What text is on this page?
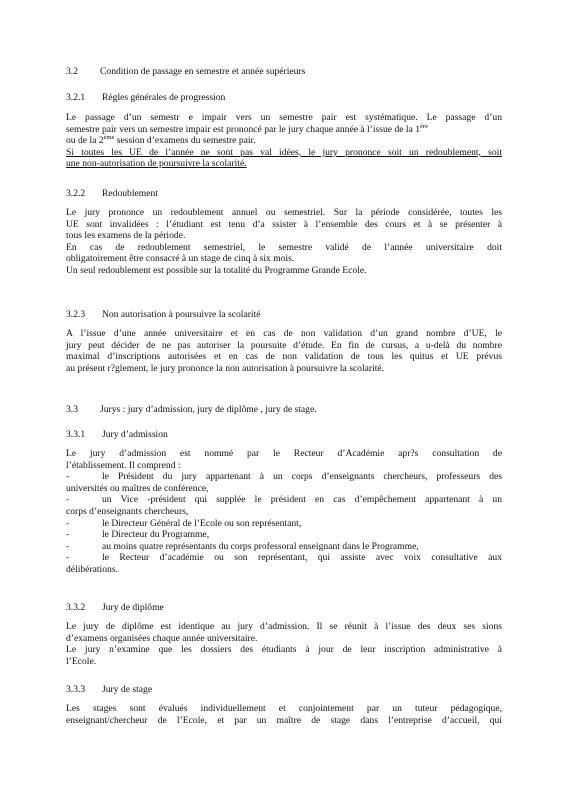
3.2 Condition de passage en semestre et année supérieurs
3.2.1 Règles générales de progression
Le passage d’un semestr e impair vers un semestre pair est systématique. Le passage d’un
semestre pair vers un semestre impair est prononcé par le jury chaque année à l’issue de la 1ère
ou de la 2ème session d’examens du semestre pair.
Si toutes les UE de l’année ne sont pas val idées, le jury prononce soit un redoublement, soit
une non-autorisation de poursuivre la scolarité.
3.2.2 Redoublement
Le jury prononce un redoublement annuel ou semestriel. Sur la période considérée, toutes les
UE sont invalidées : l’étudiant est tenu d’a ssister à l’ensemble des cours et à se présenter à
tous les examens de la période.
En cas de redoublement semestriel, le semestre validé de l’année universitaire doit
obligatoirement être consacré à un stage de cinq à six mois.
Un seul redoublement est possible sur la totalité du Programme Grande Ecole.
3.2.3 Non autorisation à poursuivre la scolarité
A l’issue d’une année universitaire et en cas de non validation d’un grand nombre d’UE, le
jury peut décider de ne pas autoriser la poursuite d’étude. En fin de cursus, a u-delà du nombre
maximal d’inscriptions autorisées et en cas de non validation de tous les quitus et UE prévus
au présent r?glement, le jury prononce la non autorisation à poursuivre la scolarité.
3.3 Jurys : jury d’admission, jury de diplôme , jury de stage.
3.3.1 Jury d’admission
Le jury d’admission est nommé par le Recteur d’Académie apr?s consultation de
l’établissement. Il comprend :
-	le Président du jury appartenant à un corps d’enseignants chercheurs, professeurs des
universités ou maîtres de conférence,
-	un Vice -président qui supplée le président en cas d’empêchement appartenant à un
corps d’enseignants chercheurs,
-	le Directeur Général de l’Ecole ou son représentant,
-	le Directeur du Programme,
-	au moins quatre représentants du corps professoral enseignant dans le Programme,
-	le Recteur d’académie ou son représentant, qui assiste avec voix consultative aux
délibérations.
3.3.2 Jury de diplôme
Le jury de diplôme est identique au jury d’admission. Il se réunit à l’issue des deux ses sions
d’examens organisées chaque année universitaire.
Le jury n’examine que les dossiers des étudiants à jour de leur inscription administrative à
l’Ecole.
3.3.3 Jury de stage
Les stages sont évalués individuellement et conjointement par un tuteur pédagogique,
enseignant/chercheur de l’Ecole, et par un maître de stage dans l’entreprise d’accueil, qui
